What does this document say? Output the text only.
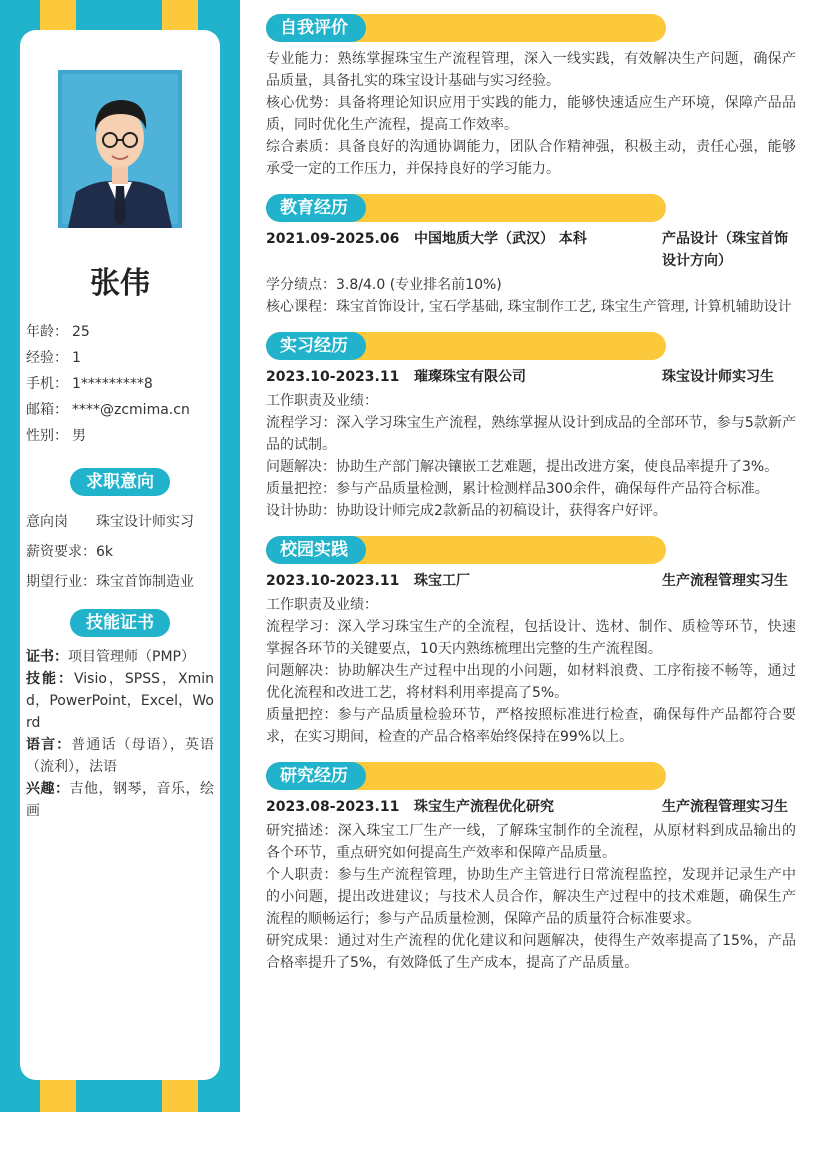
张伟
年龄： 25
经验： 1
手机： 1*********8
邮箱： ****@zcmima.cn
性别： 男
求职意向
意向岗 珠宝设计师实习
薪资要求：6k
期望行业：珠宝首饰制造业
技能证书

证书：项目管理师（PMP）

技能：Visio，SPSS，Xmind，PowerPoint，Excel，Word

语言：普通话（母语），英语（流利），法语

兴趣：吉他，钢琴，音乐，绘画

自我评价

专业能力：熟练掌握珠宝生产流程管理，深入一线实践，有效解决生产问题，确保产品质量，具备扎实的珠宝设计基础与实习经验。

核心优势：具备将理论知识应用于实践的能力，能够快速适应生产环境，保障产品品质，同时优化生产流程，提高工作效率。

综合素质：具备良好的沟通协调能力，团队合作精神强，积极主动，责任心强，能够承受一定的工作压力，并保持良好的学习能力。

教育经历
2021.09-2025.06 中国地质大学（武汉） 本科	产品设计（珠宝首饰设计方向）

学分绩点：3.8/4.0 (专业排名前10%)

核心课程：珠宝首饰设计, 宝石学基础, 珠宝制作工艺, 珠宝生产管理, 计算机辅助设计

实习经历
2023.10-2023.11 璀璨珠宝有限公司	珠宝设计师实习生

工作职责及业绩：

流程学习：深入学习珠宝生产流程，熟练掌握从设计到成品的全部环节，参与5款新产品的试制。

问题解决：协助生产部门解决镶嵌工艺难题，提出改进方案，使良品率提升了3%。

质量把控：参与产品质量检测，累计检测样品300余件，确保每件产品符合标准。

设计协助：协助设计师完成2款新品的初稿设计，获得客户好评。

校园实践
2023.10-2023.11 珠宝工厂	生产流程管理实习生

工作职责及业绩：

流程学习：深入学习珠宝生产的全流程，包括设计、选材、制作、质检等环节，快速掌握各环节的关键要点，10天内熟练梳理出完整的生产流程图。

问题解决：协助解决生产过程中出现的小问题，如材料浪费、工序衔接不畅等，通过优化流程和改进工艺，将材料利用率提高了5%。

质量把控：参与产品质量检验环节，严格按照标准进行检查，确保每件产品都符合要求，在实习期间，检查的产品合格率始终保持在99%以上。

研究经历
2023.08-2023.11 珠宝生产流程优化研究	生产流程管理实习生

研究描述：深入珠宝工厂生产一线，了解珠宝制作的全流程，从原材料到成品输出的各个环节，重点研究如何提高生产效率和保障产品质量。

个人职责：参与生产流程管理，协助生产主管进行日常流程监控，发现并记录生产中的小问题，提出改进建议；与技术人员合作，解决生产过程中的技术难题，确保生产流程的顺畅运行；参与产品质量检测，保障产品的质量符合标准要求。

研究成果：通过对生产流程的优化建议和问题解决，使得生产效率提高了15%，产品合格率提升了5%，有效降低了生产成本，提高了产品质量。
